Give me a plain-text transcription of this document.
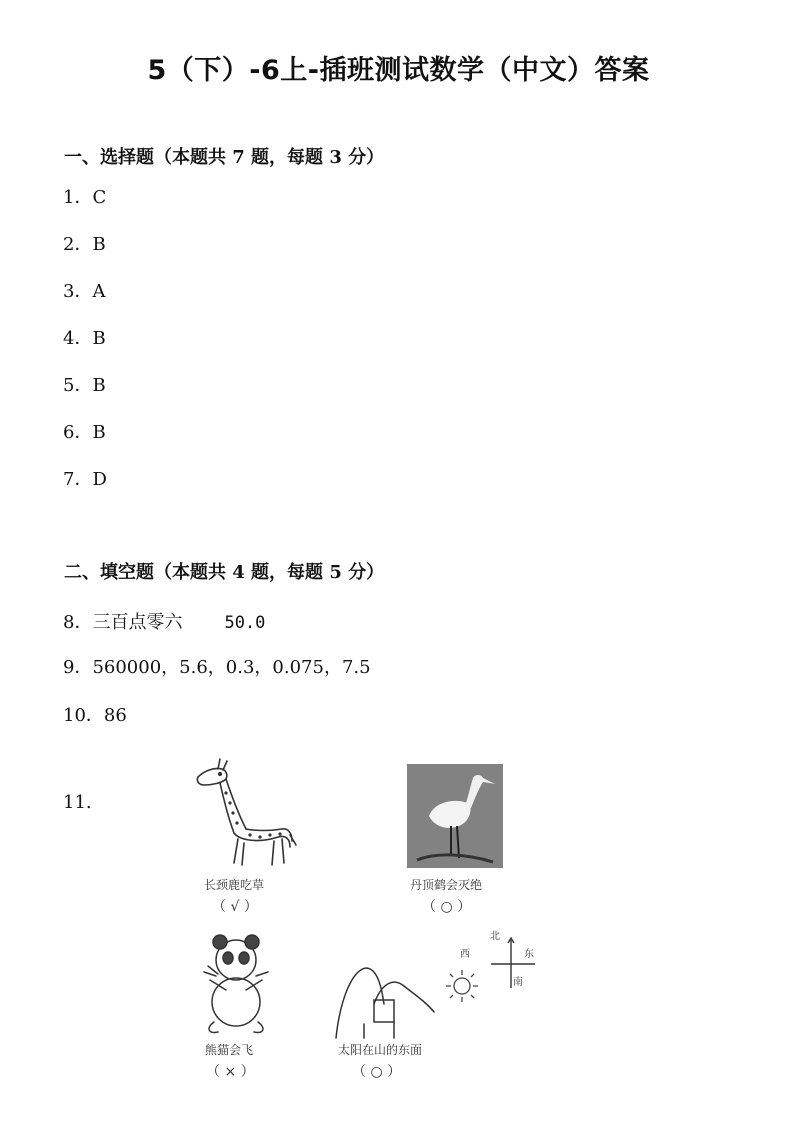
5（下）-6上-插班测试数学（中文）答案
一、选择题（本题共 7 题，每题 3 分）
1．C
2．B
3．A
4．B
5．B
6．B
7．D
二、填空题（本题共 4 题，每题 5 分）
8．三百点零六 50.0
9．560000，5.6，0.3，0.075，7.5
10．86
11.
长颈鹿吃草
（ √ ）
丹顶鹤会灭绝
（ ○ ）
熊猫会飞
（ × ）
太阳在山的东面
（ ○ ）
北
南
东
西
